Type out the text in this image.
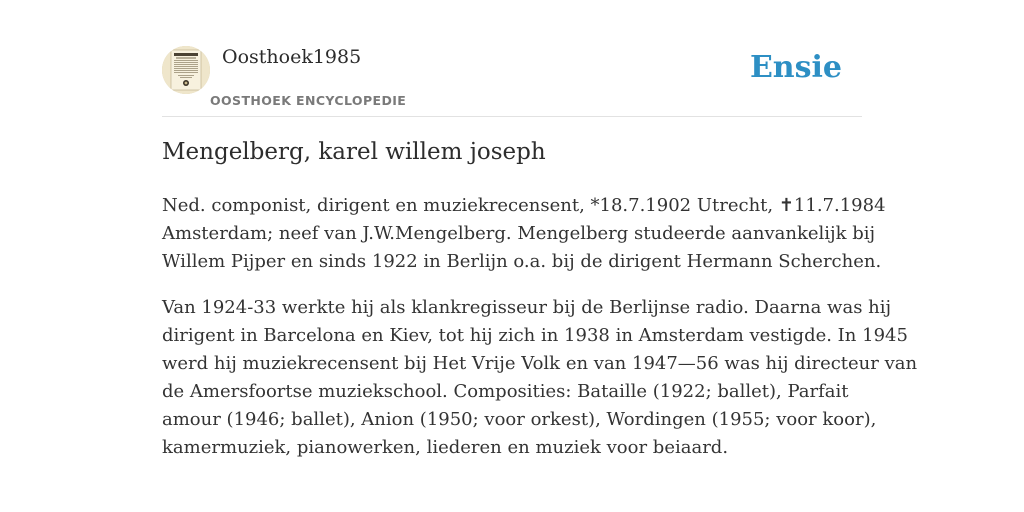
Oosthoek1985
OOSTHOEK ENCYCLOPEDIE
Ensie
Mengelberg, karel willem joseph

Ned. componist, dirigent en muziekrecensent, *18.7.1902 Utrecht, ✝11.7.1984
Amsterdam; neef van J.W.Mengelberg. Mengelberg studeerde aanvankelijk bij
Willem Pijper en sinds 1922 in Berlijn o.a. bij de dirigent Hermann Scherchen.

Van 1924-33 werkte hij als klankregisseur bij de Berlijnse radio. Daarna was hij
dirigent in Barcelona en Kiev, tot hij zich in 1938 in Amsterdam vestigde. In 1945
werd hij muziekrecensent bij Het Vrije Volk en van 1947—56 was hij directeur van
de Amersfoortse muziekschool. Composities: Bataille (1922; ballet), Parfait
amour (1946; ballet), Anion (1950; voor orkest), Wordingen (1955; voor koor),
kamermuziek, pianowerken, liederen en muziek voor beiaard.
